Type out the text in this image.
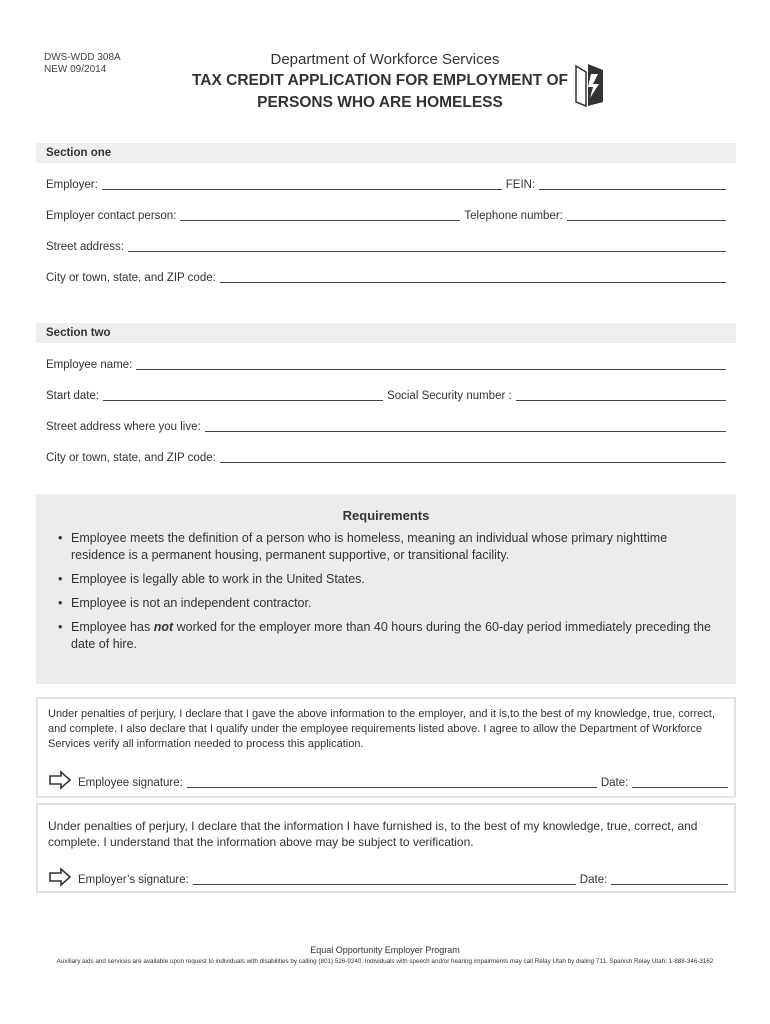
DWS-WDD 308A
NEW 09/2014
Department of Workforce Services
TAX CREDIT APPLICATION FOR EMPLOYMENT OF
PERSONS WHO ARE HOMELESS
Section one
Employer:	FEIN:
Employer contact person:	Telephone number:
Street address:
City or town, state, and ZIP code:
Section two
Employee name:
Start date:	Social Security number :
Street address where you live:
City or town, state, and ZIP code:
Requirements
• Employee meets the definition of a person who is homeless, meaning an individual whose primary nighttime residence is a permanent housing, permanent supportive, or transitional facility.
• Employee is legally able to work in the United States.
• Employee is not an independent contractor.
• Employee has not worked for the employer more than 40 hours during the 60-day period immediately preceding the date of hire.
Under penalties of perjury, I declare that I gave the above information to the employer, and it is,to the best of my knowledge, true, correct, and complete. I also declare that I qualify under the employee requirements listed above. I agree to allow the Department of Workforce Services verify all information needed to process this application.
Employee signature:	Date:
Under penalties of perjury, I declare that the information I have furnished is, to the best of my knowledge, true, correct, and complete. I understand that the information above may be subject to verification.
Employer’s signature:	Date:
Equal Opportunity Employer Program
Auxiliary aids and services are available upon request to individuals with disabilities by calling (801) 526-9240. Individuals with speech and/or hearing impairments may call Relay Utah by dialing 711. Spanish Relay Utah: 1-888-346-3162
